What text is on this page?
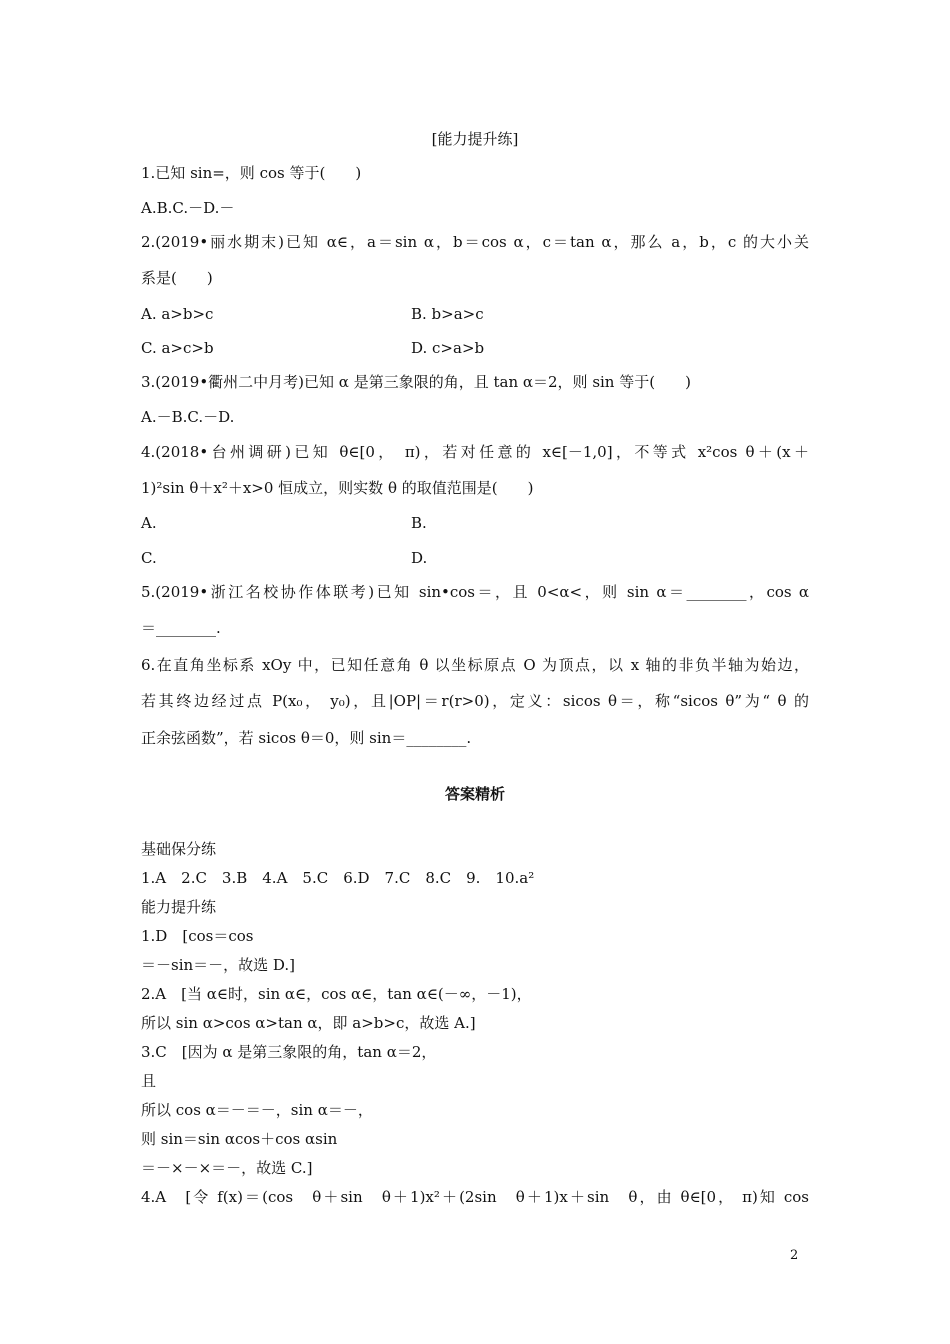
[能力提升练]
1.已知 sin=，则 cos 等于(　　)
A.B.C.－D.－
2.(2019•丽水期末)已知 α∈，a＝sin α，b＝cos α，c＝tan α，那么 a，b，c 的大小关
系是(　　)
A. a>b>c	B. b>a>c
C. a>c>b	D. c>a>b
3.(2019•衢州二中月考)已知 α 是第三象限的角，且 tan α＝2，则 sin 等于(　　)
A.－B.C.－D.
4.(2018•台州调研)已知 θ∈[0， π)，若对任意的 x∈[－1,0]，不等式 x²cos θ＋(x＋
1)²sin θ＋x²＋x>0 恒成立，则实数 θ 的取值范围是(　　)
A.	B.
C.	D.
5.(2019•浙江名校协作体联考)已知 sin•cos＝，且 0<α<，则 sin α＝________，cos α
＝________.
6.在直角坐标系 xOy 中，已知任意角 θ 以坐标原点 O 为顶点，以 x 轴的非负半轴为始边，
若其终边经过点 P(x₀， y₀)，且|OP|＝r(r>0)，定义：sicos θ＝，称“sicos θ”为“ θ 的
正余弦函数”，若 sicos θ＝0，则 sin＝________.
答案精析
基础保分练
1.A　2.C　3.B　4.A　5.C　6.D　7.C　8.C　9.　10.a²
能力提升练
1.D　[cos＝cos
＝－sin＝－，故选 D.]
2.A　[当 α∈时，sin α∈，cos α∈，tan α∈(－∞，－1)，
所以 sin α>cos α>tan α，即 a>b>c，故选 A.]
3.C　[因为 α 是第三象限的角，tan α＝2，
且
所以 cos α＝－＝－，sin α＝－，
则 sin＝sin αcos＋cos αsin
＝－×－×＝－，故选 C.]
4.A　[令 f(x)＝(cos　θ＋sin　θ＋1)x²＋(2sin　θ＋1)x＋sin　θ，由 θ∈[0， π)知 cos
2
